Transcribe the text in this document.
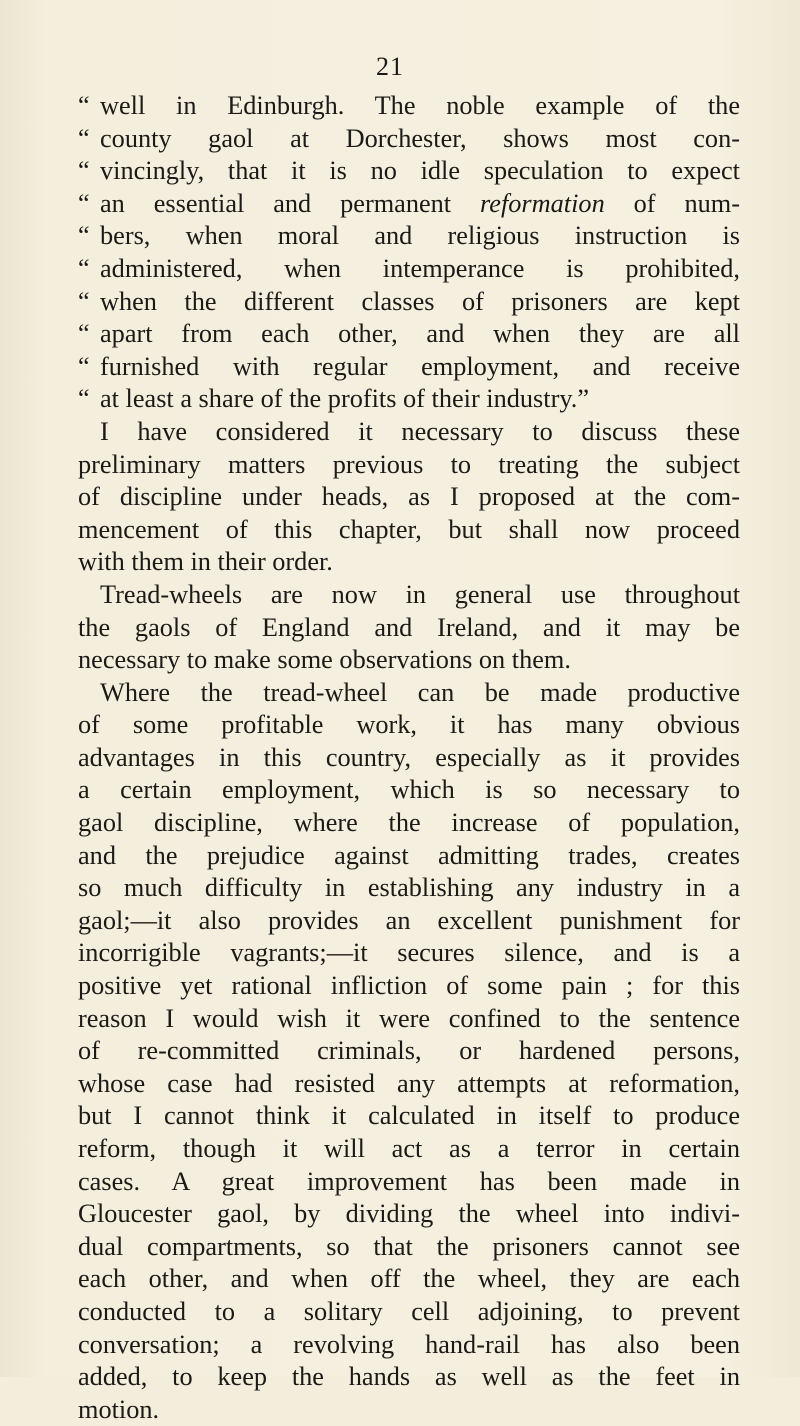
21
“ well in Edinburgh. The noble example of the
“ county gaol at Dorchester, shows most con-
“ vincingly, that it is no idle speculation to expect
“ an essential and permanent reformation of num-
“ bers, when moral and religious instruction is
“ administered, when intemperance is prohibited,
“ when the different classes of prisoners are kept
“ apart from each other, and when they are all
“ furnished with regular employment, and receive
“ at least a share of the profits of their industry.”
I have considered it necessary to discuss these
preliminary matters previous to treating the subject
of discipline under heads, as I proposed at the com-
mencement of this chapter, but shall now proceed
with them in their order.
Tread-wheels are now in general use throughout
the gaols of England and Ireland, and it may be
necessary to make some observations on them.
Where the tread-wheel can be made productive
of some profitable work, it has many obvious
advantages in this country, especially as it provides
a certain employment, which is so necessary to
gaol discipline, where the increase of population,
and the prejudice against admitting trades, creates
so much difficulty in establishing any industry in a
gaol;—it also provides an excellent punishment for
incorrigible vagrants;—it secures silence, and is a
positive yet rational infliction of some pain ; for this
reason I would wish it were confined to the sentence
of re-committed criminals, or hardened persons,
whose case had resisted any attempts at reformation,
but I cannot think it calculated in itself to produce
reform, though it will act as a terror in certain
cases. A great improvement has been made in
Gloucester gaol, by dividing the wheel into indivi-
dual compartments, so that the prisoners cannot see
each other, and when off the wheel, they are each
conducted to a solitary cell adjoining, to prevent
conversation; a revolving hand-rail has also been
added, to keep the hands as well as the feet in
motion.
